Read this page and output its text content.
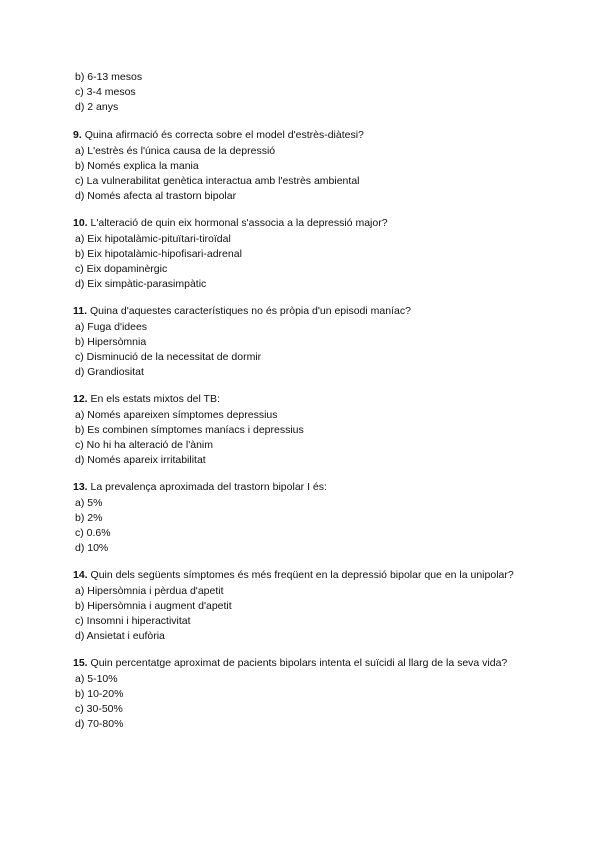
b) 6-13 mesos
c) 3-4 mesos
d) 2 anys
9. Quina afirmació és correcta sobre el model d'estrès-diàtesi?
a) L'estrès és l'única causa de la depressió
b) Només explica la mania
c) La vulnerabilitat genètica interactua amb l'estrès ambiental
d) Només afecta al trastorn bipolar
10. L'alteració de quin eix hormonal s'associa a la depressió major?
a) Eix hipotalàmic-pituïtari-tiroïdal
b) Eix hipotalàmic-hipofisari-adrenal
c) Eix dopaminèrgic
d) Eix simpàtic-parasimpàtic
11. Quina d'aquestes característiques no és pròpia d'un episodi maníac?
a) Fuga d'idees
b) Hipersòmnia
c) Disminució de la necessitat de dormir
d) Grandiositat
12. En els estats mixtos del TB:
a) Només apareixen símptomes depressius
b) Es combinen símptomes maníacs i depressius
c) No hi ha alteració de l'ànim
d) Només apareix irritabilitat
13. La prevalença aproximada del trastorn bipolar I és:
a) 5%
b) 2%
c) 0.6%
d) 10%
14. Quin dels següents símptomes és més freqüent en la depressió bipolar que en la unipolar?
a) Hipersòmnia i pèrdua d'apetit
b) Hipersòmnia i augment d'apetit
c) Insomni i hiperactivitat
d) Ansietat i eufòria
15. Quin percentatge aproximat de pacients bipolars intenta el suïcidi al llarg de la seva vida?
a) 5-10%
b) 10-20%
c) 30-50%
d) 70-80%
